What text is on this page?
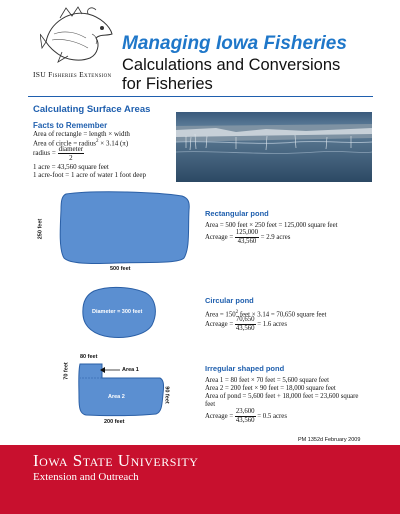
ISU Fisheries Extension
Managing Iowa Fisheries
Calculations and Conversions
for Fisheries
Calculating Surface Areas
Facts to Remember
Area of rectangle = length × width
Area of circle = radius$^2$ × 3.14 (π)
radius = $\frac{\text{diameter}}{2}$
1 acre = 43,560 square feet
1 acre-foot = 1 acre of water 1 foot deep
250 feet
500 feet
Rectangular pond
Area = 500 feet × 250 feet = 125,000 square feet
Acreage = $\frac{125,000}{43,560} = 2.9$ acres
Diameter = 300 feet
Circular pond
Area = $150^2$ feet × 3.14 = 70,650 square feet
Acreage = $\frac{70,650}{43,560} = 1.6$ acres
Area 1
Area 2
80 feet
70 feet
90 feet
200 feet
Irregular shaped pond
Area 1 = 80 feet × 70 feet = 5,600 square feet
Area 2 = 200 feet × 90 feet = 18,000 square feet
Area of pond = 5,600 feet + 18,000 feet = 23,600 square
feet
Acreage = $\frac{23,600}{43,560} = 0.5$ acres
PM 1352d February 2009
Iowa State University
Extension and Outreach
